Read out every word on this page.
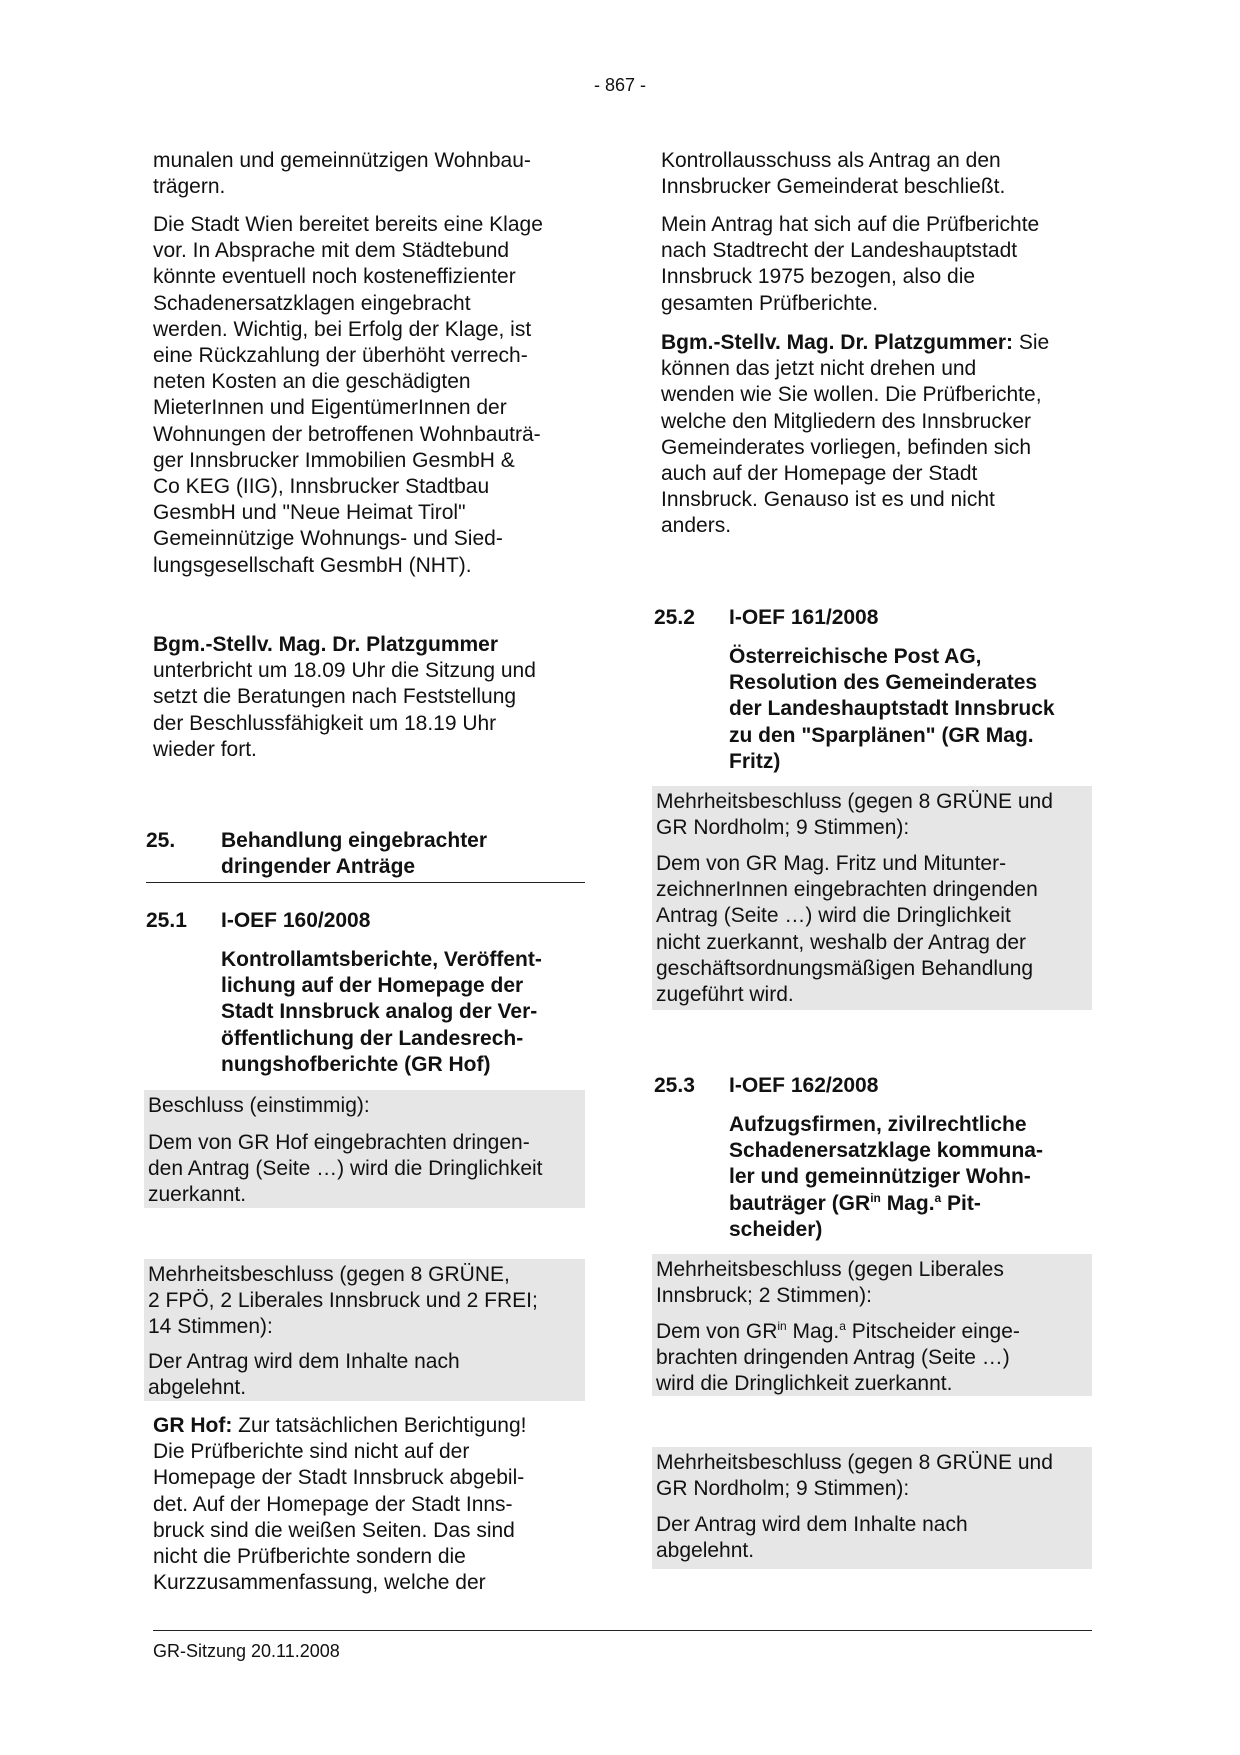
- 867 -

munalen und gemeinnützigen Wohnbau-
trägern.

Die Stadt Wien bereitet bereits eine Klage
vor. In Absprache mit dem Städtebund
könnte eventuell noch kosteneffizienter
Schadenersatzklagen eingebracht
werden. Wichtig, bei Erfolg der Klage, ist
eine Rückzahlung der überhöht verrech-
neten Kosten an die geschädigten
MieterInnen und EigentümerInnen der
Wohnungen der betroffenen Wohnbauträ-
ger Innsbrucker Immobilien GesmbH &
Co KEG (IIG), Innsbrucker Stadtbau
GesmbH und "Neue Heimat Tirol"
Gemeinnützige Wohnungs- und Sied-
lungsgesellschaft GesmbH (NHT).

Bgm.-Stellv. Mag. Dr. Platzgummer
unterbricht um 18.09 Uhr die Sitzung und
setzt die Beratungen nach Feststellung
der Beschlussfähigkeit um 18.19 Uhr
wieder fort.

25. Behandlung eingebrachter
dringender Anträge
25.1 I-OEF 160/2008
Kontrollamtsberichte, Veröffent-
lichung auf der Homepage der
Stadt Innsbruck analog der Ver-
öffentlichung der Landesrech-
nungshofberichte (GR Hof)

Beschluss (einstimmig):

Dem von GR Hof eingebrachten dringen-
den Antrag (Seite …) wird die Dringlichkeit
zuerkannt.

Mehrheitsbeschluss (gegen 8 GRÜNE,
2 FPÖ, 2 Liberales Innsbruck und 2 FREI;
14 Stimmen):

Der Antrag wird dem Inhalte nach
abgelehnt.

GR Hof: Zur tatsächlichen Berichtigung!
Die Prüfberichte sind nicht auf der
Homepage der Stadt Innsbruck abgebil-
det. Auf der Homepage der Stadt Inns-
bruck sind die weißen Seiten. Das sind
nicht die Prüfberichte sondern die
Kurzzusammenfassung, welche der

Kontrollausschuss als Antrag an den
Innsbrucker Gemeinderat beschließt.

Mein Antrag hat sich auf die Prüfberichte
nach Stadtrecht der Landeshauptstadt
Innsbruck 1975 bezogen, also die
gesamten Prüfberichte.

Bgm.-Stellv. Mag. Dr. Platzgummer: Sie
können das jetzt nicht drehen und
wenden wie Sie wollen. Die Prüfberichte,
welche den Mitgliedern des Innsbrucker
Gemeinderates vorliegen, befinden sich
auch auf der Homepage der Stadt
Innsbruck. Genauso ist es und nicht
anders.

25.2 I-OEF 161/2008
Österreichische Post AG,
Resolution des Gemeinderates
der Landeshauptstadt Innsbruck
zu den "Sparplänen" (GR Mag.
Fritz)

Mehrheitsbeschluss (gegen 8 GRÜNE und
GR Nordholm; 9 Stimmen):

Dem von GR Mag. Fritz und Mitunter-
zeichnerInnen eingebrachten dringenden
Antrag (Seite …) wird die Dringlichkeit
nicht zuerkannt, weshalb der Antrag der
geschäftsordnungsmäßigen Behandlung
zugeführt wird.

25.3 I-OEF 162/2008
Aufzugsfirmen, zivilrechtliche
Schadenersatzklage kommuna-
ler und gemeinnütziger Wohn-
bauträger ($GR^{in}$ Mag.$^a$ Pit-
scheider)

Mehrheitsbeschluss (gegen Liberales
Innsbruck; 2 Stimmen):

Dem von $GR^{in}$ Mag.$^a$ Pitscheider einge-
brachten dringenden Antrag (Seite …)
wird die Dringlichkeit zuerkannt.

Mehrheitsbeschluss (gegen 8 GRÜNE und
GR Nordholm; 9 Stimmen):

Der Antrag wird dem Inhalte nach
abgelehnt.

GR-Sitzung 20.11.2008
